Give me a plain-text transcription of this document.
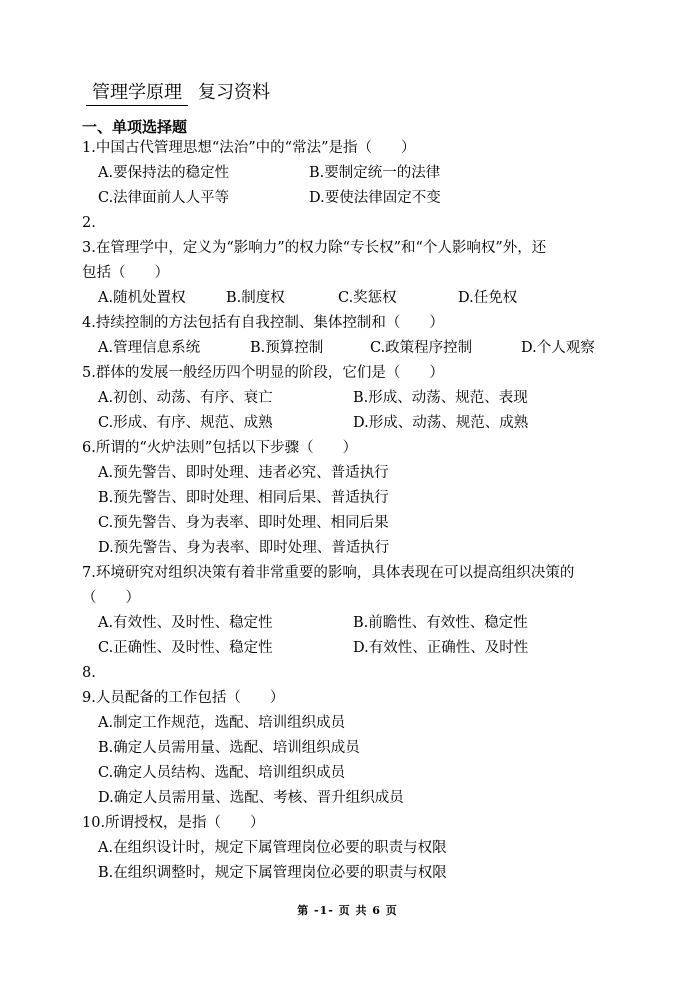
管理学原理 复习资料
一、单项选择题
1.中国古代管理思想“法治”中的“常法”是指（　　）
A.要保持法的稳定性	B.要制定统一的法律
C.法律面前人人平等	D.要使法律固定不变
2.
3.在管理学中，定义为“影响力”的权力除“专长权”和“个人影响权”外，还
包括（　　）
A.随机处置权	B.制度权	C.奖惩权	D.任免权
4.持续控制的方法包括有自我控制、集体控制和（　　）
A.管理信息系统	B.预算控制	C.政策程序控制	D.个人观察
5.群体的发展一般经历四个明显的阶段，它们是（　　）
A.初创、动荡、有序、衰亡	B.形成、动荡、规范、表现
C.形成、有序、规范、成熟	D.形成、动荡、规范、成熟
6.所谓的“火炉法则”包括以下步骤（　　）
A.预先警告、即时处理、违者必究、普适执行
B.预先警告、即时处理、相同后果、普适执行
C.预先警告、身为表率、即时处理、相同后果
D.预先警告、身为表率、即时处理、普适执行
7.环境研究对组织决策有着非常重要的影响，具体表现在可以提高组织决策的
（　　）
A.有效性、及时性、稳定性	B.前瞻性、有效性、稳定性
C.正确性、及时性、稳定性	D.有效性、正确性、及时性
8.
9.人员配备的工作包括（　　）
A.制定工作规范，选配、培训组织成员
B.确定人员需用量、选配、培训组织成员
C.确定人员结构、选配、培训组织成员
D.确定人员需用量、选配、考核、晋升组织成员
10.所谓授权，是指（　　）
A.在组织设计时，规定下属管理岗位必要的职责与权限
B.在组织调整时，规定下属管理岗位必要的职责与权限
第 -1- 页 共 6 页
